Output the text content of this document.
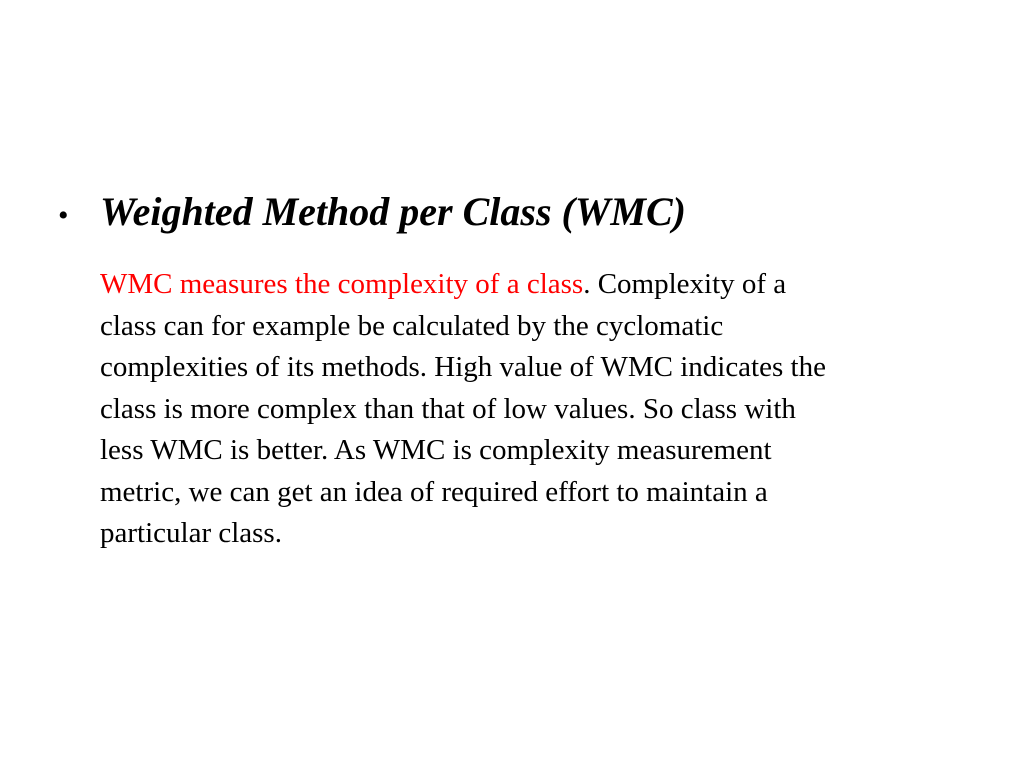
• Weighted Method per Class (WMC)
WMC measures the complexity of a class. Complexity of a
class can for example be calculated by the cyclomatic
complexities of its methods. High value of WMC indicates the
class is more complex than that of low values. So class with
less WMC is better. As WMC is complexity measurement
metric, we can get an idea of required effort to maintain a
particular class.
